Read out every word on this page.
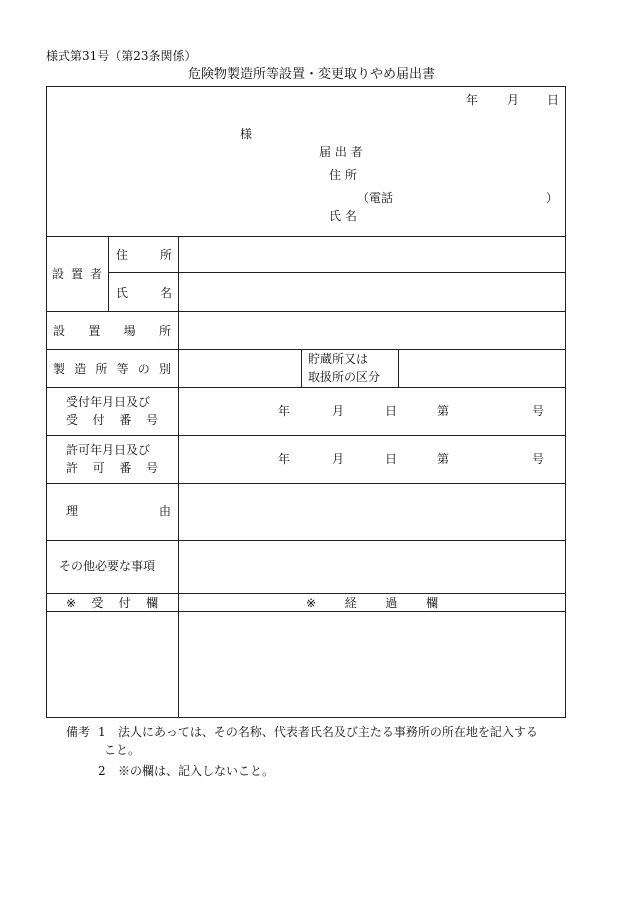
様式第31号（第23条関係）
危険物製造所等設置・変更取りやめ届出書
年 月 日
様
届 出 者
住 所
（電話	）
氏 名
設 置 者
住	所
氏	名
設 置 場 所
製 造 所 等 の 別
貯蔵所又は
取扱所の区分
受付年月日及び
受 付 番 号
年	月	日	第	号
許可年月日及び
許 可 番 号
年	月	日	第	号
理	由
その他必要な事項
※ 受 付 欄	※ 経 過 欄
備考 1 法人にあっては、その名称、代表者氏名及び主たる事務所の所在地を記入する
こと。
2 ※の欄は、記入しないこと。
